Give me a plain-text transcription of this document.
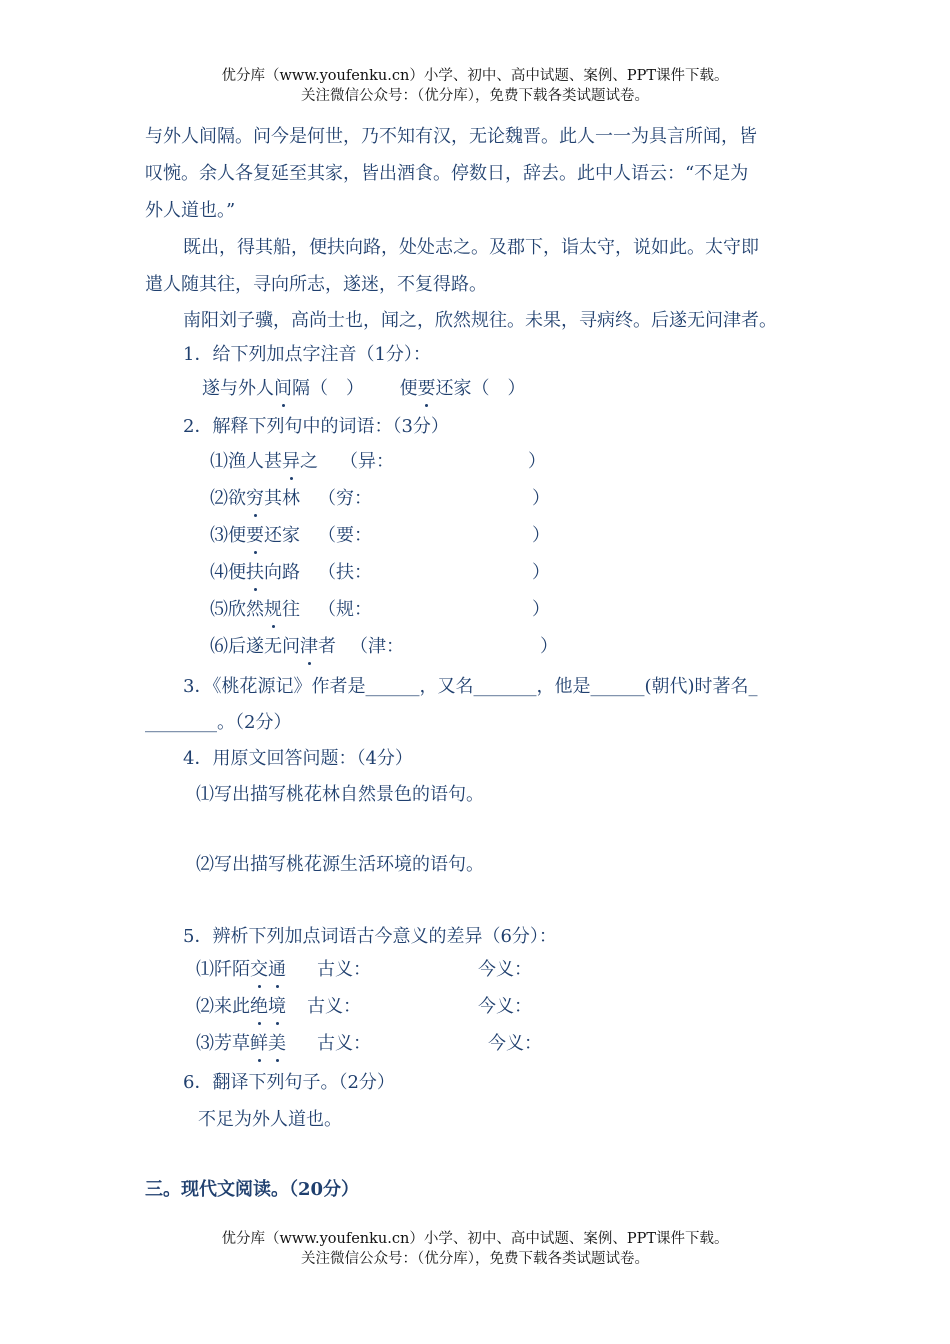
优分库（www.youfenku.cn）小学、初中、高中试题、案例、PPT课件下载。
关注微信公众号：（优分库），免费下载各类试题试卷。
与外人间隔。问今是何世，乃不知有汉，无论魏晋。此人一一为具言所闻，皆
叹惋。余人各复延至其家，皆出酒食。停数日，辞去。此中人语云：“不足为
外人道也。”
既出，得其船，便扶向路，处处志之。及郡下，诣太守，说如此。太守即
遣人随其往，寻向所志，遂迷，不复得路。
南阳刘子骥，高尚士也，闻之，欣然规往。未果，寻病终。后遂无问津者。
1．给下列加点字注音（1分）：
遂与外人间隔（　） 便要还家（　）
2．解释下列句中的词语：（3分）
⑴渔人甚异之 （异：	）
⑵欲穷其林 （穷：	）
⑶便要还家 （要：	）
⑷便扶向路 （扶：	）
⑸欣然规往 （规：	）
⑹后遂无问津者 （津：	）
3．《桃花源记》作者是______，又名_______，他是______(朝代)时著名_
________。（2分）
4．用原文回答问题：（4分）
⑴写出描写桃花林自然景色的语句。
⑵写出描写桃花源生活环境的语句。
5．辨析下列加点词语古今意义的差异（6分）：
⑴阡陌交通 古义：	今义：
⑵来此绝境 古义：	今义：
⑶芳草鲜美 古义：	今义：
6．翻译下列句子。（2分）
不足为外人道也。
三。现代文阅读。（20分）
优分库（www.youfenku.cn）小学、初中、高中试题、案例、PPT课件下载。
关注微信公众号：（优分库），免费下载各类试题试卷。
